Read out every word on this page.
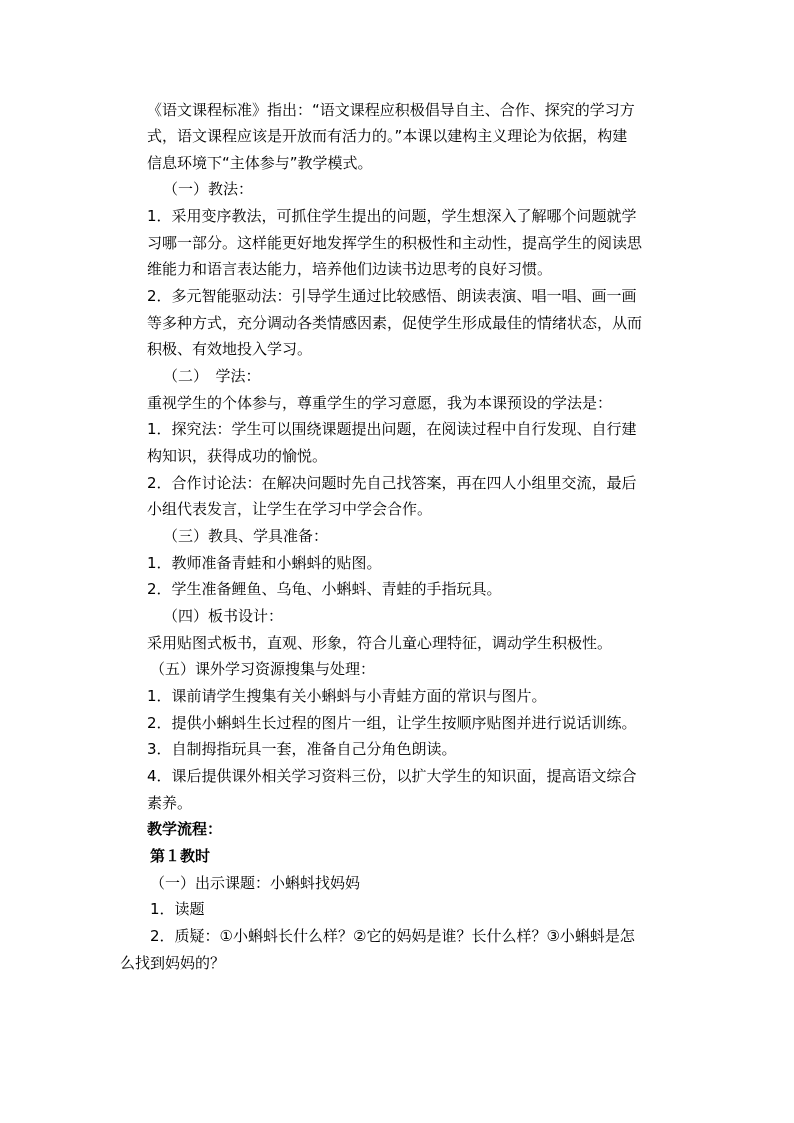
《语文课程标准》指出：“语文课程应积极倡导自主、合作、探究的学习方

式，语文课程应该是开放而有活力的。”本课以建构主义理论为依据，构建

信息环境下“主体参与”教学模式。

（一）教法：

1．采用变序教法，可抓住学生提出的问题，学生想深入了解哪个问题就学

习哪一部分。这样能更好地发挥学生的积极性和主动性，提高学生的阅读思

维能力和语言表达能力，培养他们边读书边思考的良好习惯。

2．多元智能驱动法：引导学生通过比较感悟、朗读表演、唱一唱、画一画

等多种方式，充分调动各类情感因素，促使学生形成最佳的情绪状态，从而

积极、有效地投入学习。

（二）　学法：

重视学生的个体参与，尊重学生的学习意愿，我为本课预设的学法是：

1．探究法：学生可以围绕课题提出问题，在阅读过程中自行发现、自行建

构知识，获得成功的愉悦。

2．合作讨论法：在解决问题时先自己找答案，再在四人小组里交流，最后

小组代表发言，让学生在学习中学会合作。

（三）教具、学具准备：

1．教师准备青蛙和小蝌蚪的贴图。

2．学生准备鲤鱼、乌龟、小蝌蚪、青蛙的手指玩具。

（四）板书设计：

采用贴图式板书，直观、形象，符合儿童心理特征，调动学生积极性。

（五）课外学习资源搜集与处理：

1．课前请学生搜集有关小蝌蚪与小青蛙方面的常识与图片。

2．提供小蝌蚪生长过程的图片一组，让学生按顺序贴图并进行说话训练。

3．自制拇指玩具一套，准备自己分角色朗读。

4．课后提供课外相关学习资料三份，以扩大学生的知识面，提高语文综合

素养。

教学流程：

第１教时

（一）出示课题：小蝌蚪找妈妈

1．读题

2．质疑：①小蝌蚪长什么样？②它的妈妈是谁？长什么样？③小蝌蚪是怎

么找到妈妈的？
